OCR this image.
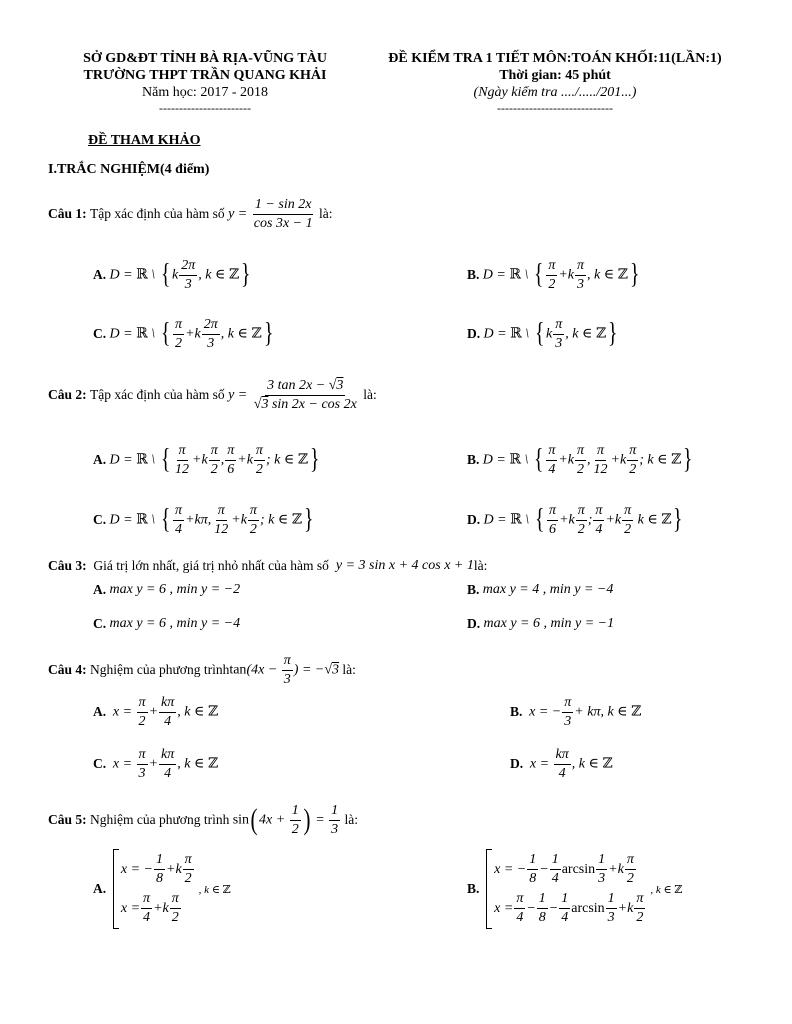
SỞ GD&ĐT TỈNH BÀ RỊA-VŨNG TÀU
TRƯỜNG THPT TRẦN QUANG KHẢI
Năm học: 2017 - 2018
-----------------------
ĐỀ KIỂM TRA 1 TIẾT MÔN:TOÁN KHỐI:11(LẦN:1)
Thời gian: 45 phút
(Ngày kiểm tra ..../...../201...)
-----------------------------
ĐỀ THAM KHẢO
I.TRẮC NGHIỆM(4 điểm)
Câu 1:
Tập xác định của hàm số $y = \frac{1 - \sin 2x}{\cos 3x - 1}$
là:
A.
D = ℝ \ { k $\frac{2\pi}{3}$ , k ∈ ℤ}	B.
D = ℝ \ { $\frac{\pi}{2} +k \frac{\pi}{3}$ , k ∈ ℤ}
C.
D = ℝ \ { $\frac{\pi}{2} +k \frac{2\pi}{3}$ , k ∈ ℤ}	D.
D = ℝ \ { k $\frac{\pi}{3}$ , k ∈ ℤ}
Câu 2:
Tập xác định của hàm số $y = \frac{3 \tan 2x - √3}{√3 \sin 2x - \cos 2x}$
là:
A.
D = ℝ \ { $\frac{\pi}{12} +k \frac{\pi}{2}$ , $\frac{\pi}{6} +k \frac{\pi}{2}$ ; k ∈ ℤ}	B.
D = ℝ \ { $\frac{\pi}{4} +k \frac{\pi}{2}$ , $\frac{\pi}{12} +k \frac{\pi}{2}$ ; k ∈ ℤ}
C.
D = ℝ \ { $\frac{\pi}{4} +k\pi$, $\frac{\pi}{12} +k \frac{\pi}{2}$ ; k ∈ ℤ}	D.
D = ℝ \ { $\frac{\pi}{6} +k \frac{\pi}{2}$ ; $\frac{\pi}{4} +k \frac{\pi}{2}$ k ∈ ℤ}
Câu 3:
Giá trị lớn nhất, giá trị nhỏ nhất của hàm số y = 3 sin x + 4 cos x + 1 là:
A.
max y = 6 , min y = −2	B.
max y = 4 , min y = −4
C.
max y = 6 , min y = −4	D.
max y = 6 , min y = −1
Câu 4:
Nghiệm của phương trình $\tan(4x - \frac{\pi}{3}$ ) = −√3
là:
A.
$x = \frac{\pi}{2} + \frac{k\pi}{4}$ , k ∈ ℤ	B.
x = − $\frac{\pi}{3} + k\pi$, k ∈ ℤ
C.
$x = \frac{\pi}{3} + \frac{k\pi}{4}$ , k ∈ ℤ	D.
$x = \frac{k\pi}{4}$ , k ∈ ℤ
Câu 5:
Nghiệm của phương trình
sin( $4x + \frac{1}{2}$ ) = $\frac{1}{3}$
là:
A.

x = − $\frac{1}{8} + k \frac{\pi}{2}$
$x = \frac{\pi}{4} + k \frac{\pi}{2}$
, k ∈ ℤ	B.

x = − $\frac{1}{8} - \frac{1}{4}$ $\arcsin \frac{1}{3} + k \frac{\pi}{2}$
$x = \frac{\pi}{4} - \frac{1}{8} - \frac{1}{4}$ $\arcsin \frac{1}{3} + k \frac{\pi}{2}$
, k ∈ ℤ
